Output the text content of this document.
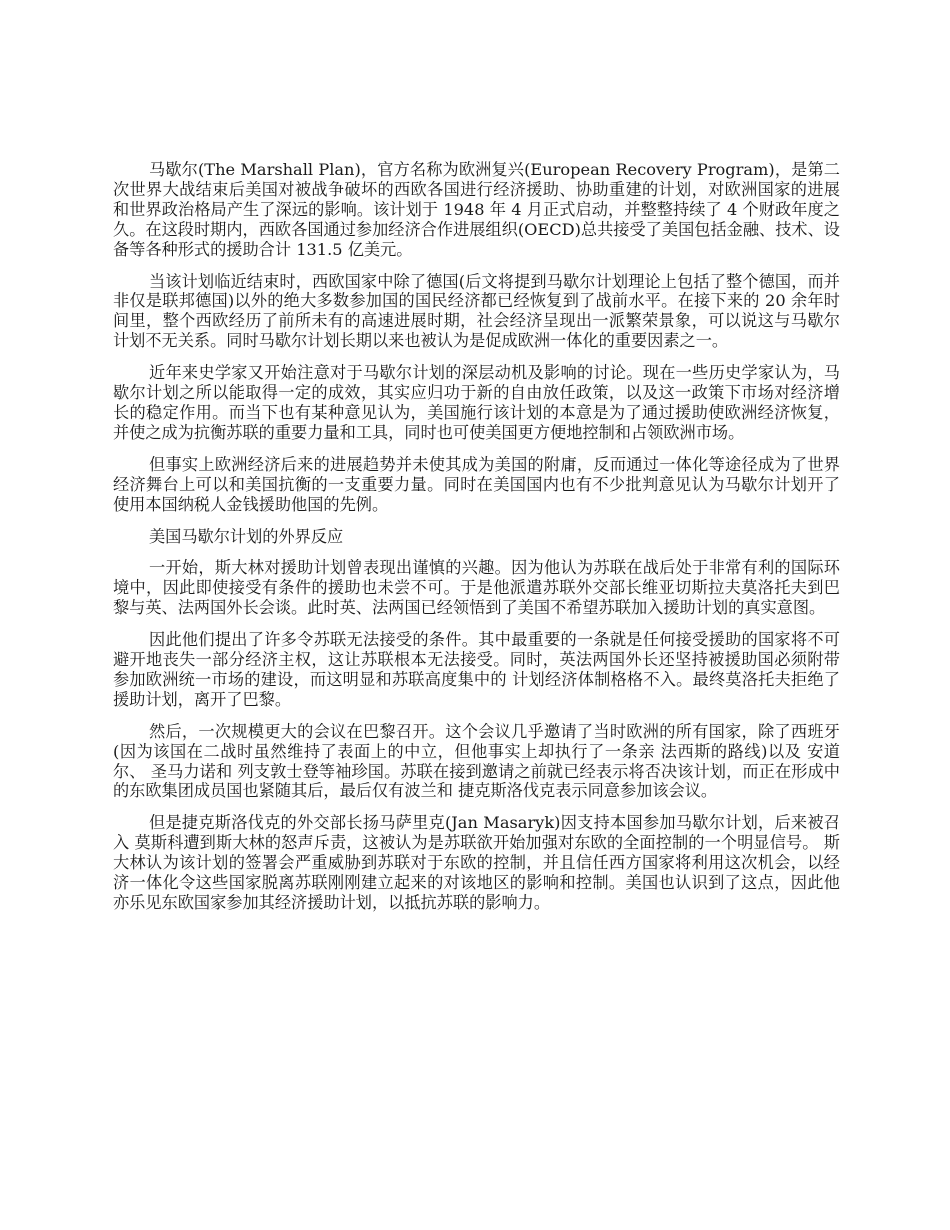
马歇尔(The Marshall Plan)，官方名称为欧洲复兴(European Recovery Program)，是第二次世界大战结束后美国对被战争破坏的西欧各国进行经济援助、协助重建的计划，对欧洲国家的进展和世界政治格局产生了深远的影响。该计划于 1948 年 4 月正式启动，并整整持续了 4 个财政年度之久。在这段时期内，西欧各国通过参加经济合作进展组织(OECD)总共接受了美国包括金融、技术、设备等各种形式的援助合计 131.5 亿美元。

当该计划临近结束时，西欧国家中除了德国(后文将提到马歇尔计划理论上包括了整个德国，而并非仅是联邦德国)以外的绝大多数参加国的国民经济都已经恢复到了战前水平。在接下来的 20 余年时间里，整个西欧经历了前所未有的高速进展时期，社会经济呈现出一派繁荣景象，可以说这与马歇尔计划不无关系。同时马歇尔计划长期以来也被认为是促成欧洲一体化的重要因素之一。

近年来史学家又开始注意对于马歇尔计划的深层动机及影响的讨论。现在一些历史学家认为，马歇尔计划之所以能取得一定的成效，其实应归功于新的自由放任政策，以及这一政策下市场对经济增长的稳定作用。而当下也有某种意见认为，美国施行该计划的本意是为了通过援助使欧洲经济恢复，并使之成为抗衡苏联的重要力量和工具，同时也可使美国更方便地控制和占领欧洲市场。

但事实上欧洲经济后来的进展趋势并未使其成为美国的附庸，反而通过一体化等途径成为了世界经济舞台上可以和美国抗衡的一支重要力量。同时在美国国内也有不少批判意见认为马歇尔计划开了使用本国纳税人金钱援助他国的先例。

美国马歇尔计划的外界反应

一开始，斯大林对援助计划曾表现出谨慎的兴趣。因为他认为苏联在战后处于非常有利的国际环境中，因此即使接受有条件的援助也未尝不可。于是他派遣苏联外交部长维亚切斯拉夫莫洛托夫到巴黎与英、法两国外长会谈。此时英、法两国已经领悟到了美国不希望苏联加入援助计划的真实意图。

因此他们提出了许多令苏联无法接受的条件。其中最重要的一条就是任何接受援助的国家将不可避开地丧失一部分经济主权，这让苏联根本无法接受。同时，英法两国外长还坚持被援助国必须附带参加欧洲统一市场的建设，而这明显和苏联高度集中的 计划经济体制格格不入。最终莫洛托夫拒绝了援助计划，离开了巴黎。

然后，一次规模更大的会议在巴黎召开。这个会议几乎邀请了当时欧洲的所有国家，除了西班牙(因为该国在二战时虽然维持了表面上的中立，但他事实上却执行了一条亲 法西斯的路线)以及 安道尔、 圣马力诺和 列支敦士登等袖珍国。苏联在接到邀请之前就已经表示将否决该计划，而正在形成中的东欧集团成员国也紧随其后，最后仅有波兰和 捷克斯洛伐克表示同意参加该会议。

但是捷克斯洛伐克的外交部长扬马萨里克(Jan Masaryk)因支持本国参加马歇尔计划，后来被召入 莫斯科遭到斯大林的怒声斥责，这被认为是苏联欲开始加强对东欧的全面控制的一个明显信号。 斯大林认为该计划的签署会严重威胁到苏联对于东欧的控制，并且信任西方国家将利用这次机会，以经济一体化令这些国家脱离苏联刚刚建立起来的对该地区的影响和控制。美国也认识到了这点，因此他亦乐见东欧国家参加其经济援助计划，以抵抗苏联的影响力。
